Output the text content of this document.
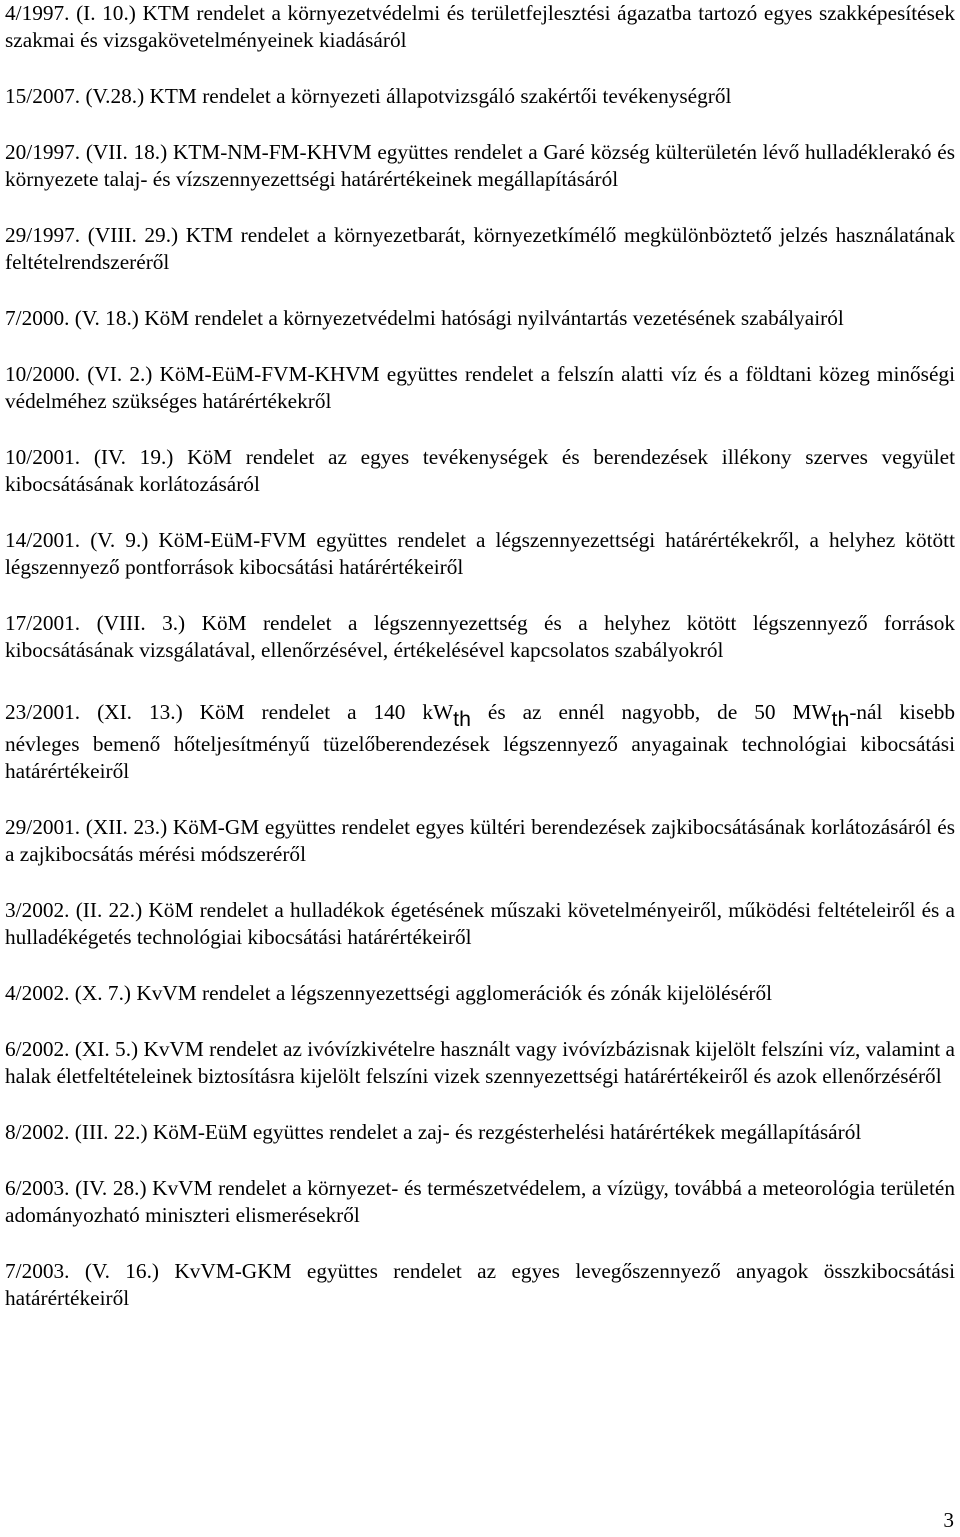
4/1997. (I. 10.) KTM rendelet a környezetvédelmi és területfejlesztési ágazatba tartozó egyes szakképesítések szakmai és vizsgakövetelményeinek kiadásáról

15/2007. (V.28.) KTM rendelet a környezeti állapotvizsgáló szakértői tevékenységről

20/1997. (VII. 18.) KTM-NM-FM-KHVM együttes rendelet a Garé község külterületén lévő hulladéklerakó és környezete talaj- és vízszennyezettségi határértékeinek megállapításáról

29/1997. (VIII. 29.) KTM rendelet a környezetbarát, környezetkímélő megkülönböztető jelzés használatának feltételrendszeréről

7/2000. (V. 18.) KöM rendelet a környezetvédelmi hatósági nyilvántartás vezetésének szabályairól

10/2000. (VI. 2.) KöM-EüM-FVM-KHVM együttes rendelet a felszín alatti víz és a földtani közeg minőségi védelméhez szükséges határértékekről

10/2001. (IV. 19.) KöM rendelet az egyes tevékenységek és berendezések illékony szerves vegyület kibocsátásának korlátozásáról

14/2001. (V. 9.) KöM-EüM-FVM együttes rendelet a légszennyezettségi határértékekről, a helyhez kötött légszennyező pontforrások kibocsátási határértékeiről

17/2001. (VIII. 3.) KöM rendelet a légszennyezettség és a helyhez kötött légszennyező források kibocsátásának vizsgálatával, ellenőrzésével, értékelésével kapcsolatos szabályokról

23/2001. (XI. 13.) KöM rendelet a 140 kWth és az ennél nagyobb, de 50 MWth-nál kisebb
névleges bemenő hőteljesítményű tüzelőberendezések légszennyező anyagainak technológiai kibocsátási határértékeiről

29/2001. (XII. 23.) KöM-GM együttes rendelet egyes kültéri berendezések zajkibocsátásának korlátozásáról és a zajkibocsátás mérési módszeréről

3/2002. (II. 22.) KöM rendelet a hulladékok égetésének műszaki követelményeiről, működési feltételeiről és a hulladékégetés technológiai kibocsátási határértékeiről

4/2002. (X. 7.) KvVM rendelet a légszennyezettségi agglomerációk és zónák kijelöléséről

6/2002. (XI. 5.) KvVM rendelet az ivóvízkivételre használt vagy ivóvízbázisnak kijelölt felszíni víz, valamint a halak életfeltételeinek biztosításra kijelölt felszíni vizek szennyezettségi határértékeiről és azok ellenőrzéséről

8/2002. (III. 22.) KöM-EüM együttes rendelet a zaj- és rezgésterhelési határértékek megállapításáról

6/2003. (IV. 28.) KvVM rendelet a környezet- és természetvédelem, a vízügy, továbbá a meteorológia területén adományozható miniszteri elismerésekről

7/2003. (V. 16.) KvVM-GKM együttes rendelet az egyes levegőszennyező anyagok összkibocsátási határértékeiről

3
